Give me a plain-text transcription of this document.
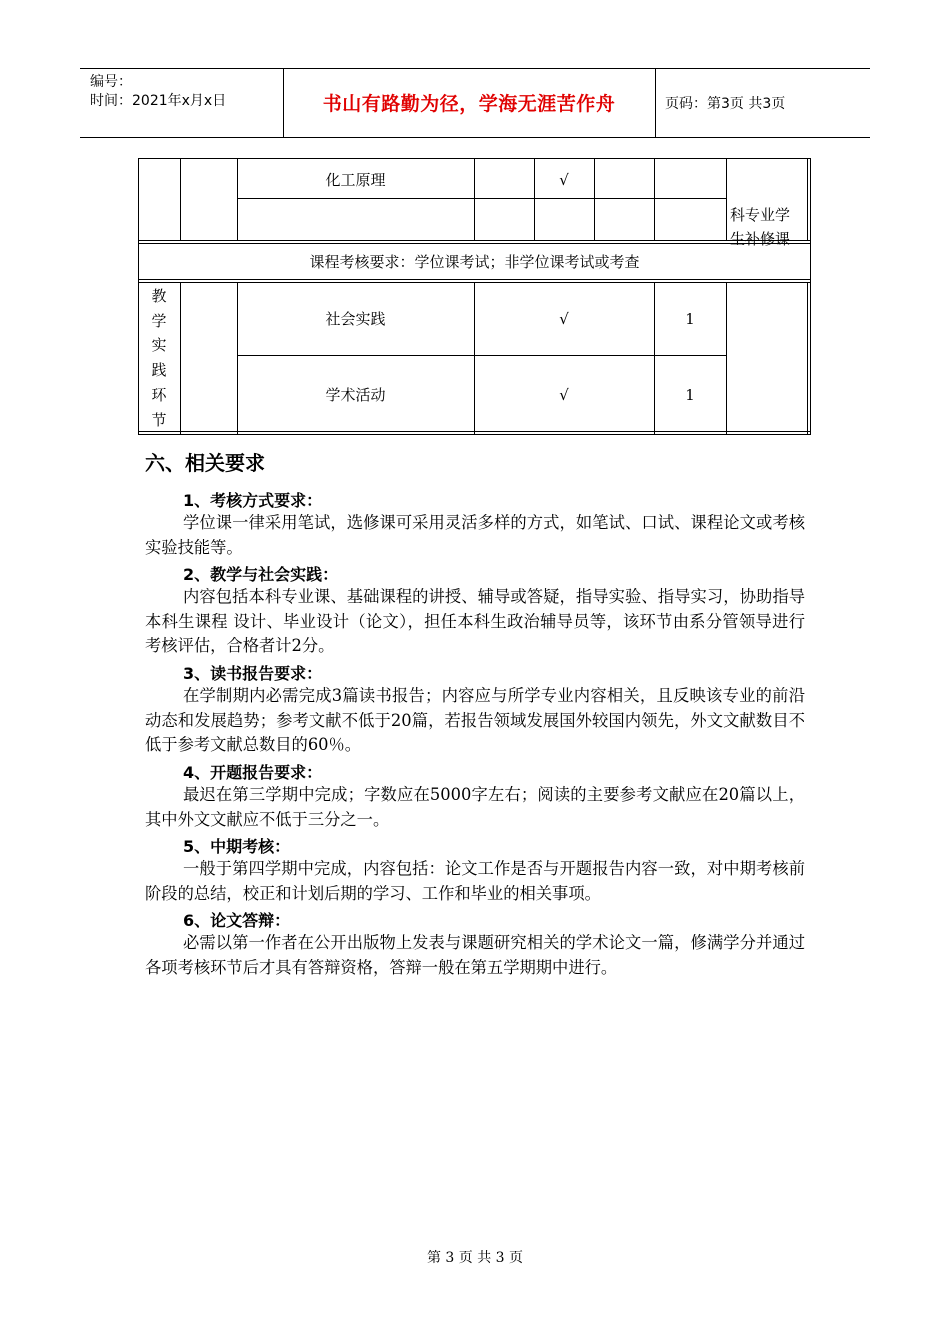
编号：
时间：2021年x月x日	书山有路勤为径，学海无涯苦作舟	页码：第3页 共3页
化工原理	√
科专业学生补修课
课程考核要求：学位课考试；非学位课考试或考查
教
学
实
践
环
节
社会实践	√	1
学术活动	√	1
六、相关要求
1、考核方式要求：
学位课一律采用笔试，选修课可采用灵活多样的方式，如笔试、口试、课程论文或考核实验技能等。
2、教学与社会实践：
内容包括本科专业课、基础课程的讲授、辅导或答疑，指导实验、指导实习，协助指导本科生课程 设计、毕业设计（论文），担任本科生政治辅导员等，该环节由系分管领导进行考核评估，合格者计2分。
3、读书报告要求：
在学制期内必需完成3篇读书报告；内容应与所学专业内容相关，且反映该专业的前沿动态和发展趋势；参考文献不低于20篇，若报告领域发展国外较国内领先，外文文献数目不低于参考文献总数目的60％。
4、开题报告要求：
最迟在第三学期中完成；字数应在5000字左右；阅读的主要参考文献应在20篇以上，其中外文文献应不低于三分之一。
5、中期考核：
一般于第四学期中完成，内容包括：论文工作是否与开题报告内容一致，对中期考核前阶段的总结，校正和计划后期的学习、工作和毕业的相关事项。
6、论文答辩：
必需以第一作者在公开出版物上发表与课题研究相关的学术论文一篇，修满学分并通过各项考核环节后才具有答辩资格，答辩一般在第五学期期中进行。
第 3 页 共 3 页
